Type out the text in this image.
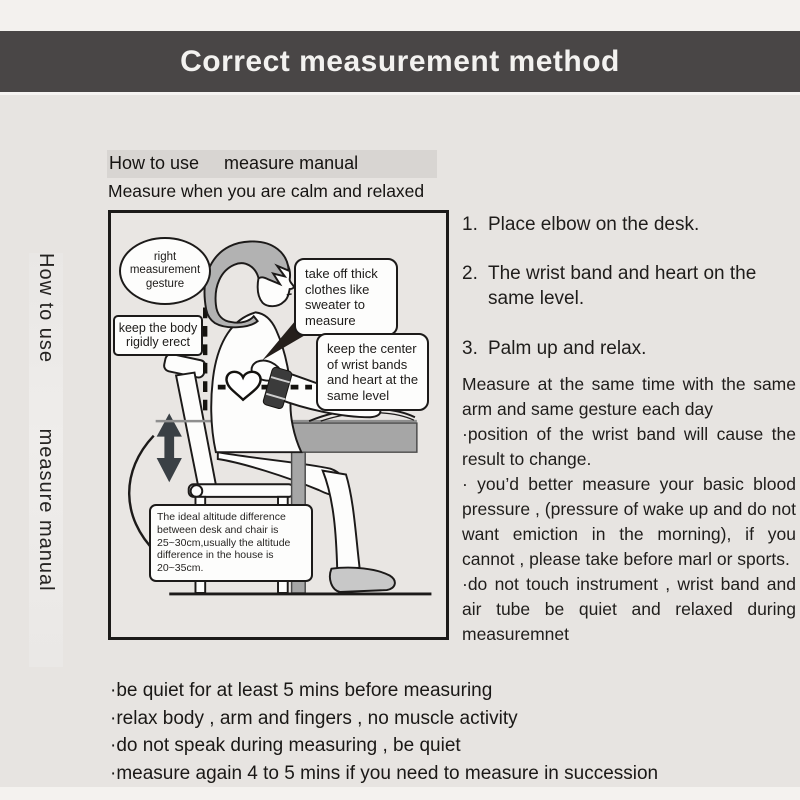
Correct measurement method
How to use          measure manual
How to use     measure manual
Measure when you are calm and relaxed
right measurement gesture
keep the body rigidly erect
take off thick clothes like sweater to measure
keep the center of wrist bands and heart at the same level
The ideal altitude difference between desk and chair is 25~30cm,usually the altitude difference in the house is 20~35cm.
1. Place elbow on the desk.
2. The wrist band and heart on the same level.
3. Palm up and relax.

Measure at the same time with the same arm and same gesture each day

·position of the wrist band will cause the result to change.

· you’d better measure your basic blood pressure , (pressure of wake up and do not want emiction in the morning), if you cannot , please take before marl or sports.

·do not touch instrument , wrist band and air tube be quiet and relaxed during measuremnet

·be quiet for at least 5 mins before measuring
·relax body , arm and fingers , no muscle activity
·do not speak during measuring , be quiet
·measure again 4 to 5 mins if you need to measure in succession
